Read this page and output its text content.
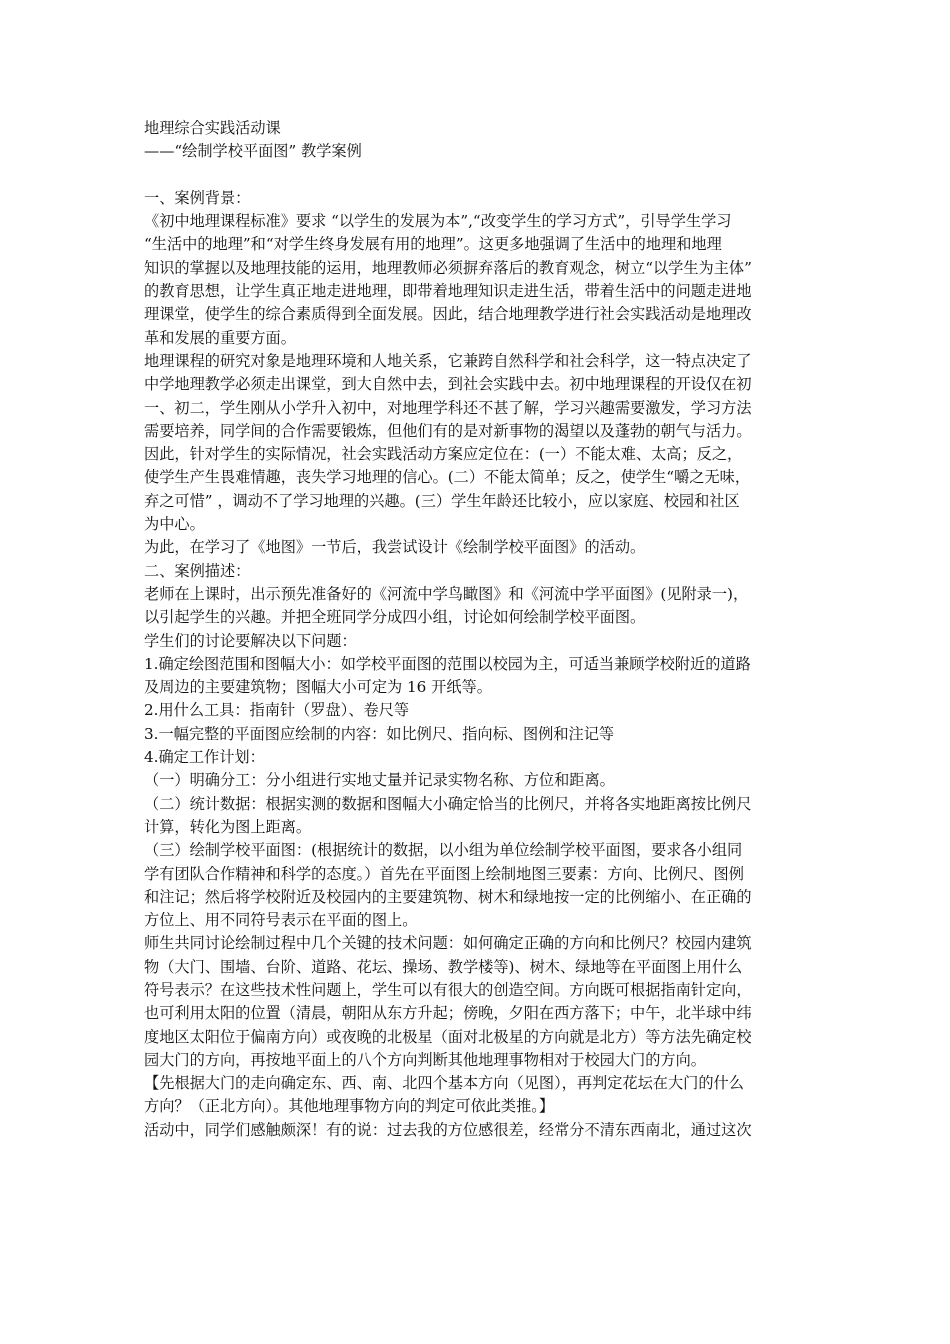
地理综合实践活动课
——“绘制学校平面图” 教学案例
一、案例背景：
《初中地理课程标准》要求 “以学生的发展为本”,“改变学生的学习方式”，引导学生学习
“生活中的地理”和“对学生终身发展有用的地理”。这更多地强调了生活中的地理和地理
知识的掌握以及地理技能的运用，地理教师必须摒弃落后的教育观念，树立“以学生为主体”
的教育思想，让学生真正地走进地理，即带着地理知识走进生活，带着生活中的问题走进地
理课堂，使学生的综合素质得到全面发展。因此，结合地理教学进行社会实践活动是地理改
革和发展的重要方面。
地理课程的研究对象是地理环境和人地关系，它兼跨自然科学和社会科学，这一特点决定了
中学地理教学必须走出课堂，到大自然中去，到社会实践中去。初中地理课程的开设仅在初
一、初二，学生刚从小学升入初中，对地理学科还不甚了解，学习兴趣需要激发，学习方法
需要培养，同学间的合作需要锻炼，但他们有的是对新事物的渴望以及蓬勃的朝气与活力。
因此，针对学生的实际情况，社会实践活动方案应定位在：(一）不能太难、太高；反之，
使学生产生畏难情趣，丧失学习地理的信心。(二）不能太简单；反之，使学生“嚼之无味，
弃之可惜” ，调动不了学习地理的兴趣。(三）学生年龄还比较小，应以家庭、校园和社区
为中心。
为此，在学习了《地图》一节后，我尝试设计《绘制学校平面图》的活动。
二、案例描述：
老师在上课时，出示预先准备好的《河流中学鸟瞰图》和《河流中学平面图》(见附录一)，
以引起学生的兴趣。并把全班同学分成四小组，讨论如何绘制学校平面图。
学生们的讨论要解决以下问题：
1.确定绘图范围和图幅大小：如学校平面图的范围以校园为主，可适当兼顾学校附近的道路
及周边的主要建筑物；图幅大小可定为 16 开纸等。
2.用什么工具：指南针（罗盘）、卷尺等
3.一幅完整的平面图应绘制的内容：如比例尺、指向标、图例和注记等
4.确定工作计划：
（一）明确分工：分小组进行实地丈量并记录实物名称、方位和距离。
（二）统计数据：根据实测的数据和图幅大小确定恰当的比例尺，并将各实地距离按比例尺
计算，转化为图上距离。
（三）绘制学校平面图：(根据统计的数据，以小组为单位绘制学校平面图，要求各小组同
学有团队合作精神和科学的态度。）首先在平面图上绘制地图三要素：方向、比例尺、图例
和注记；然后将学校附近及校园内的主要建筑物、树木和绿地按一定的比例缩小、在正确的
方位上、用不同符号表示在平面的图上。
师生共同讨论绘制过程中几个关键的技术问题：如何确定正确的方向和比例尺？校园内建筑
物（大门、围墙、台阶、道路、花坛、操场、教学楼等)、树木、绿地等在平面图上用什么
符号表示？在这些技术性问题上，学生可以有很大的创造空间。方向既可根据指南针定向，
也可利用太阳的位置（清晨，朝阳从东方升起；傍晚，夕阳在西方落下；中午，北半球中纬
度地区太阳位于偏南方向）或夜晚的北极星（面对北极星的方向就是北方）等方法先确定校
园大门的方向，再按地平面上的八个方向判断其他地理事物相对于校园大门的方向。
【先根据大门的走向确定东、西、南、北四个基本方向（见图），再判定花坛在大门的什么
方向？（正北方向）。其他地理事物方向的判定可依此类推。】
活动中，同学们感触颇深！有的说：过去我的方位感很差，经常分不清东西南北，通过这次
